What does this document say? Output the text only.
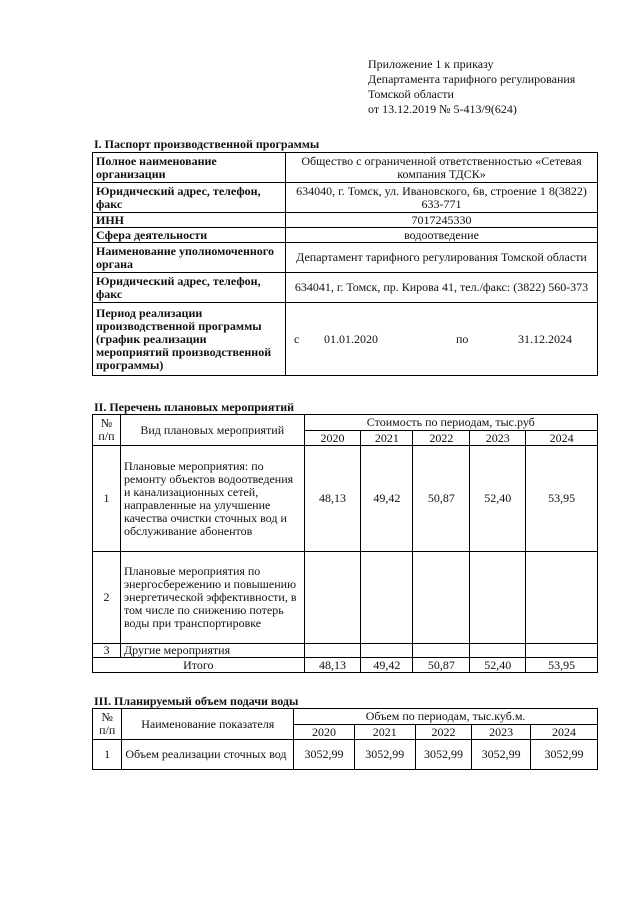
Приложение 1 к приказу
Департамента тарифного регулирования
Томской области
от 13.12.2019 № 5-413/9(624)
I. Паспорт производственной программы
Полное наименование организации	Общество с ограниченной ответственностью «Сетевая компания ТДСК»
Юридический адрес, телефон, факс	634040, г. Томск, ул. Ивановского, 6в, строение 1 8(3822) 633-771
ИНН	7017245330
Сфера деятельности	водоотведение
Наименование уполномоченного органа	Департамент тарифного регулирования Томской области
Юридический адрес, телефон, факс	634041, г. Томск, пр. Кирова 41, тел./факс: (3822) 560-373
Период реализации производственной программы (график реализации мероприятий производственной программы)	с 01.01.2020 по 31.12.2024
II. Перечень плановых мероприятий
№ п/п	Вид плановых мероприятий	Стоимость по периодам, тыс.руб				
		2020	2021	2022	2023	2024
1	Плановые мероприятия: по ремонту объектов водоотведения и канализационных сетей, направленные на улучшение качества очистки сточных вод и обслуживание абонентов	48,13	49,42	50,87	52,40	53,95
2	Плановые мероприятия по энергосбережению и повышению энергетической эффективности, в том числе по снижению потерь воды при транспортировке					
3	Другие мероприятия					
Итого		48,13	49,42	50,87	52,40	53,95
III. Планируемый объем подачи воды
№ п/п	Наименование показателя	Объем по периодам, тыс.куб.м.				
		2020	2021	2022	2023	2024
1	Объем реализации сточных вод	3052,99	3052,99	3052,99	3052,99	3052,99
